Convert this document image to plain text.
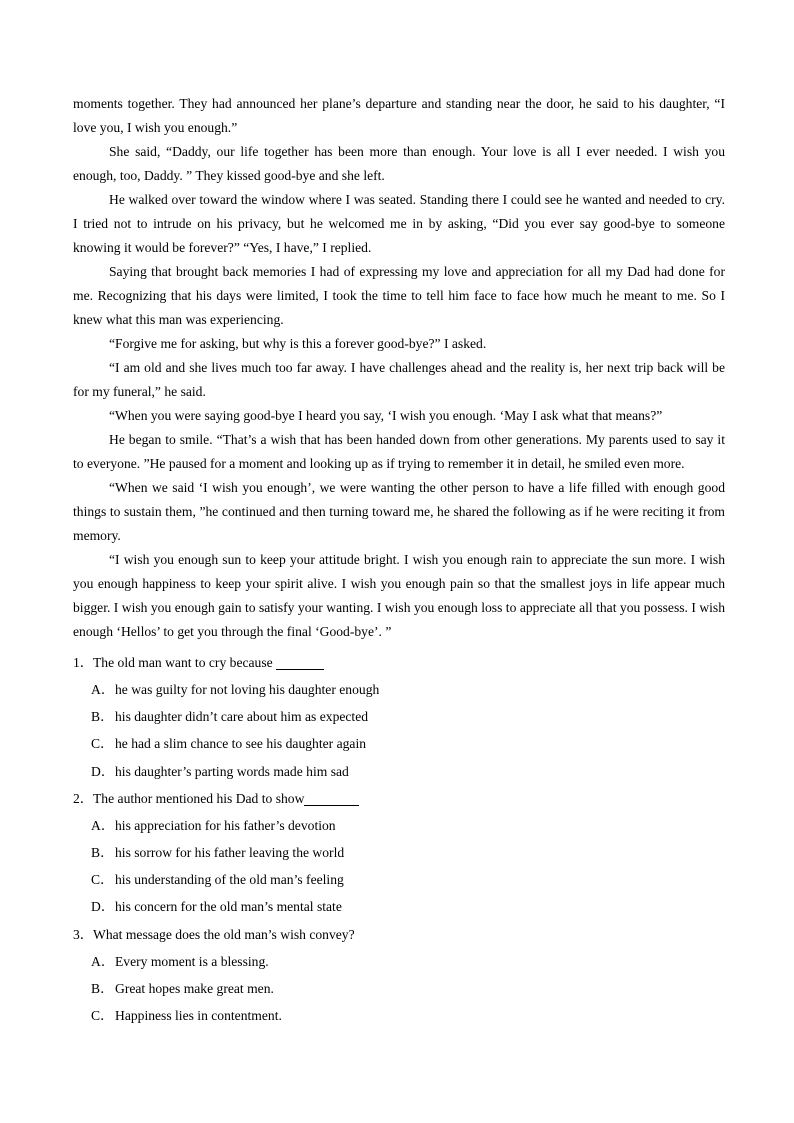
moments together. They had announced her plane’s departure and standing near the door, he said to his daughter, “I love you, I wish you enough.”

She said, “Daddy, our life together has been more than enough. Your love is all I ever needed. I wish you enough, too, Daddy. ” They kissed good-bye and she left.

He walked over toward the window where I was seated. Standing there I could see he wanted and needed to cry. I tried not to intrude on his privacy, but he welcomed me in by asking, “Did you ever say good-bye to someone knowing it would be forever?” “Yes, I have,” I replied.

Saying that brought back memories I had of expressing my love and appreciation for all my Dad had done for me. Recognizing that his days were limited, I took the time to tell him face to face how much he meant to me. So I knew what this man was experiencing.

“Forgive me for asking, but why is this a forever good-bye?” I asked.

“I am old and she lives much too far away. I have challenges ahead and the reality is, her next trip back will be for my funeral,” he said.

“When you were saying good-bye I heard you say, ‘I wish you enough. ‘May I ask what that means?”

He began to smile. “That’s a wish that has been handed down from other generations. My parents used to say it to everyone. ”He paused for a moment and looking up as if trying to remember it in detail, he smiled even more.

“When we said ‘I wish you enough’, we were wanting the other person to have a life filled with enough good things to sustain them, ”he continued and then turning toward me, he shared the following as if he were reciting it from memory.

“I wish you enough sun to keep your attitude bright. I wish you enough rain to appreciate the sun more. I wish you enough happiness to keep your spirit alive. I wish you enough pain so that the smallest joys in life appear much bigger. I wish you enough gain to satisfy your wanting. I wish you enough loss to appreciate all that you possess. I wish enough ‘Hellos’ to get you through the final ‘Good-bye’. ”

1．The old man want to cry because
A．he was guilty for not loving his daughter enough
B．his daughter didn’t care about him as expected
C．he had a slim chance to see his daughter again
D．his daughter’s parting words made him sad
2．The author mentioned his Dad to show
A．his appreciation for his father’s devotion
B．his sorrow for his father leaving the world
C．his understanding of the old man’s feeling
D．his concern for the old man’s mental state
3．What message does the old man’s wish convey?
A．Every moment is a blessing.
B．Great hopes make great men.
C．Happiness lies in contentment.
